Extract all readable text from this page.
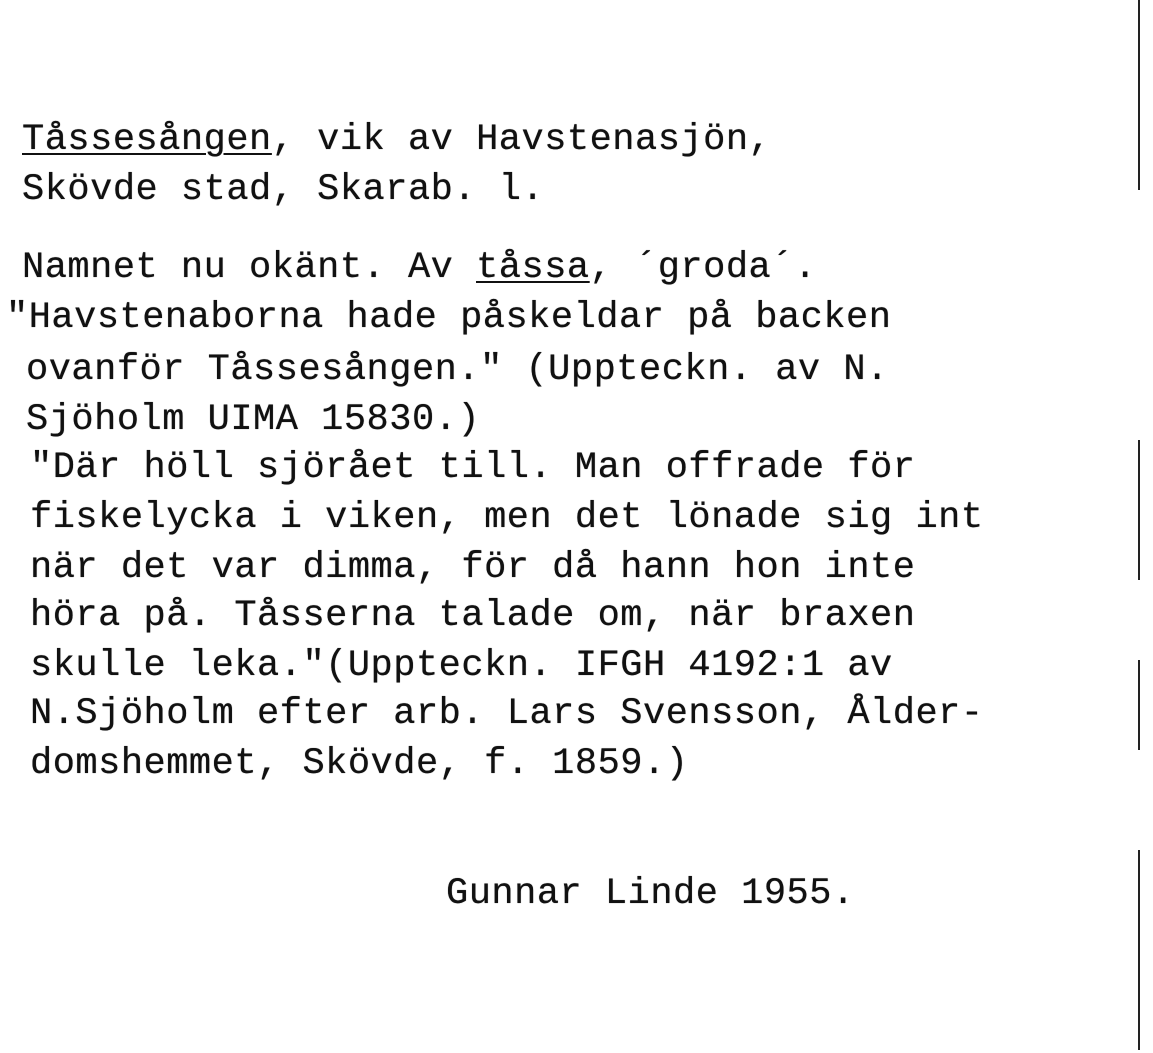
Tåssesången, vik av Havstenasjön,
Skövde stad, Skarab. l.
Namnet nu okänt. Av tåssa, ´groda´.
"Havstenaborna hade påskeldar på backen
ovanför Tåssesången." (Uppteckn. av N.
Sjöholm UIMA 15830.)
"Där höll sjörået till. Man offrade för
fiskelycka i viken, men det lönade sig int
när det var dimma, för då hann hon inte
höra på. Tåsserna talade om, när braxen
skulle leka."(Uppteckn. IFGH 4192:1 av
N.Sjöholm efter arb. Lars Svensson, Ålder-
domshemmet, Skövde, f. 1859.)
Gunnar Linde 1955.
